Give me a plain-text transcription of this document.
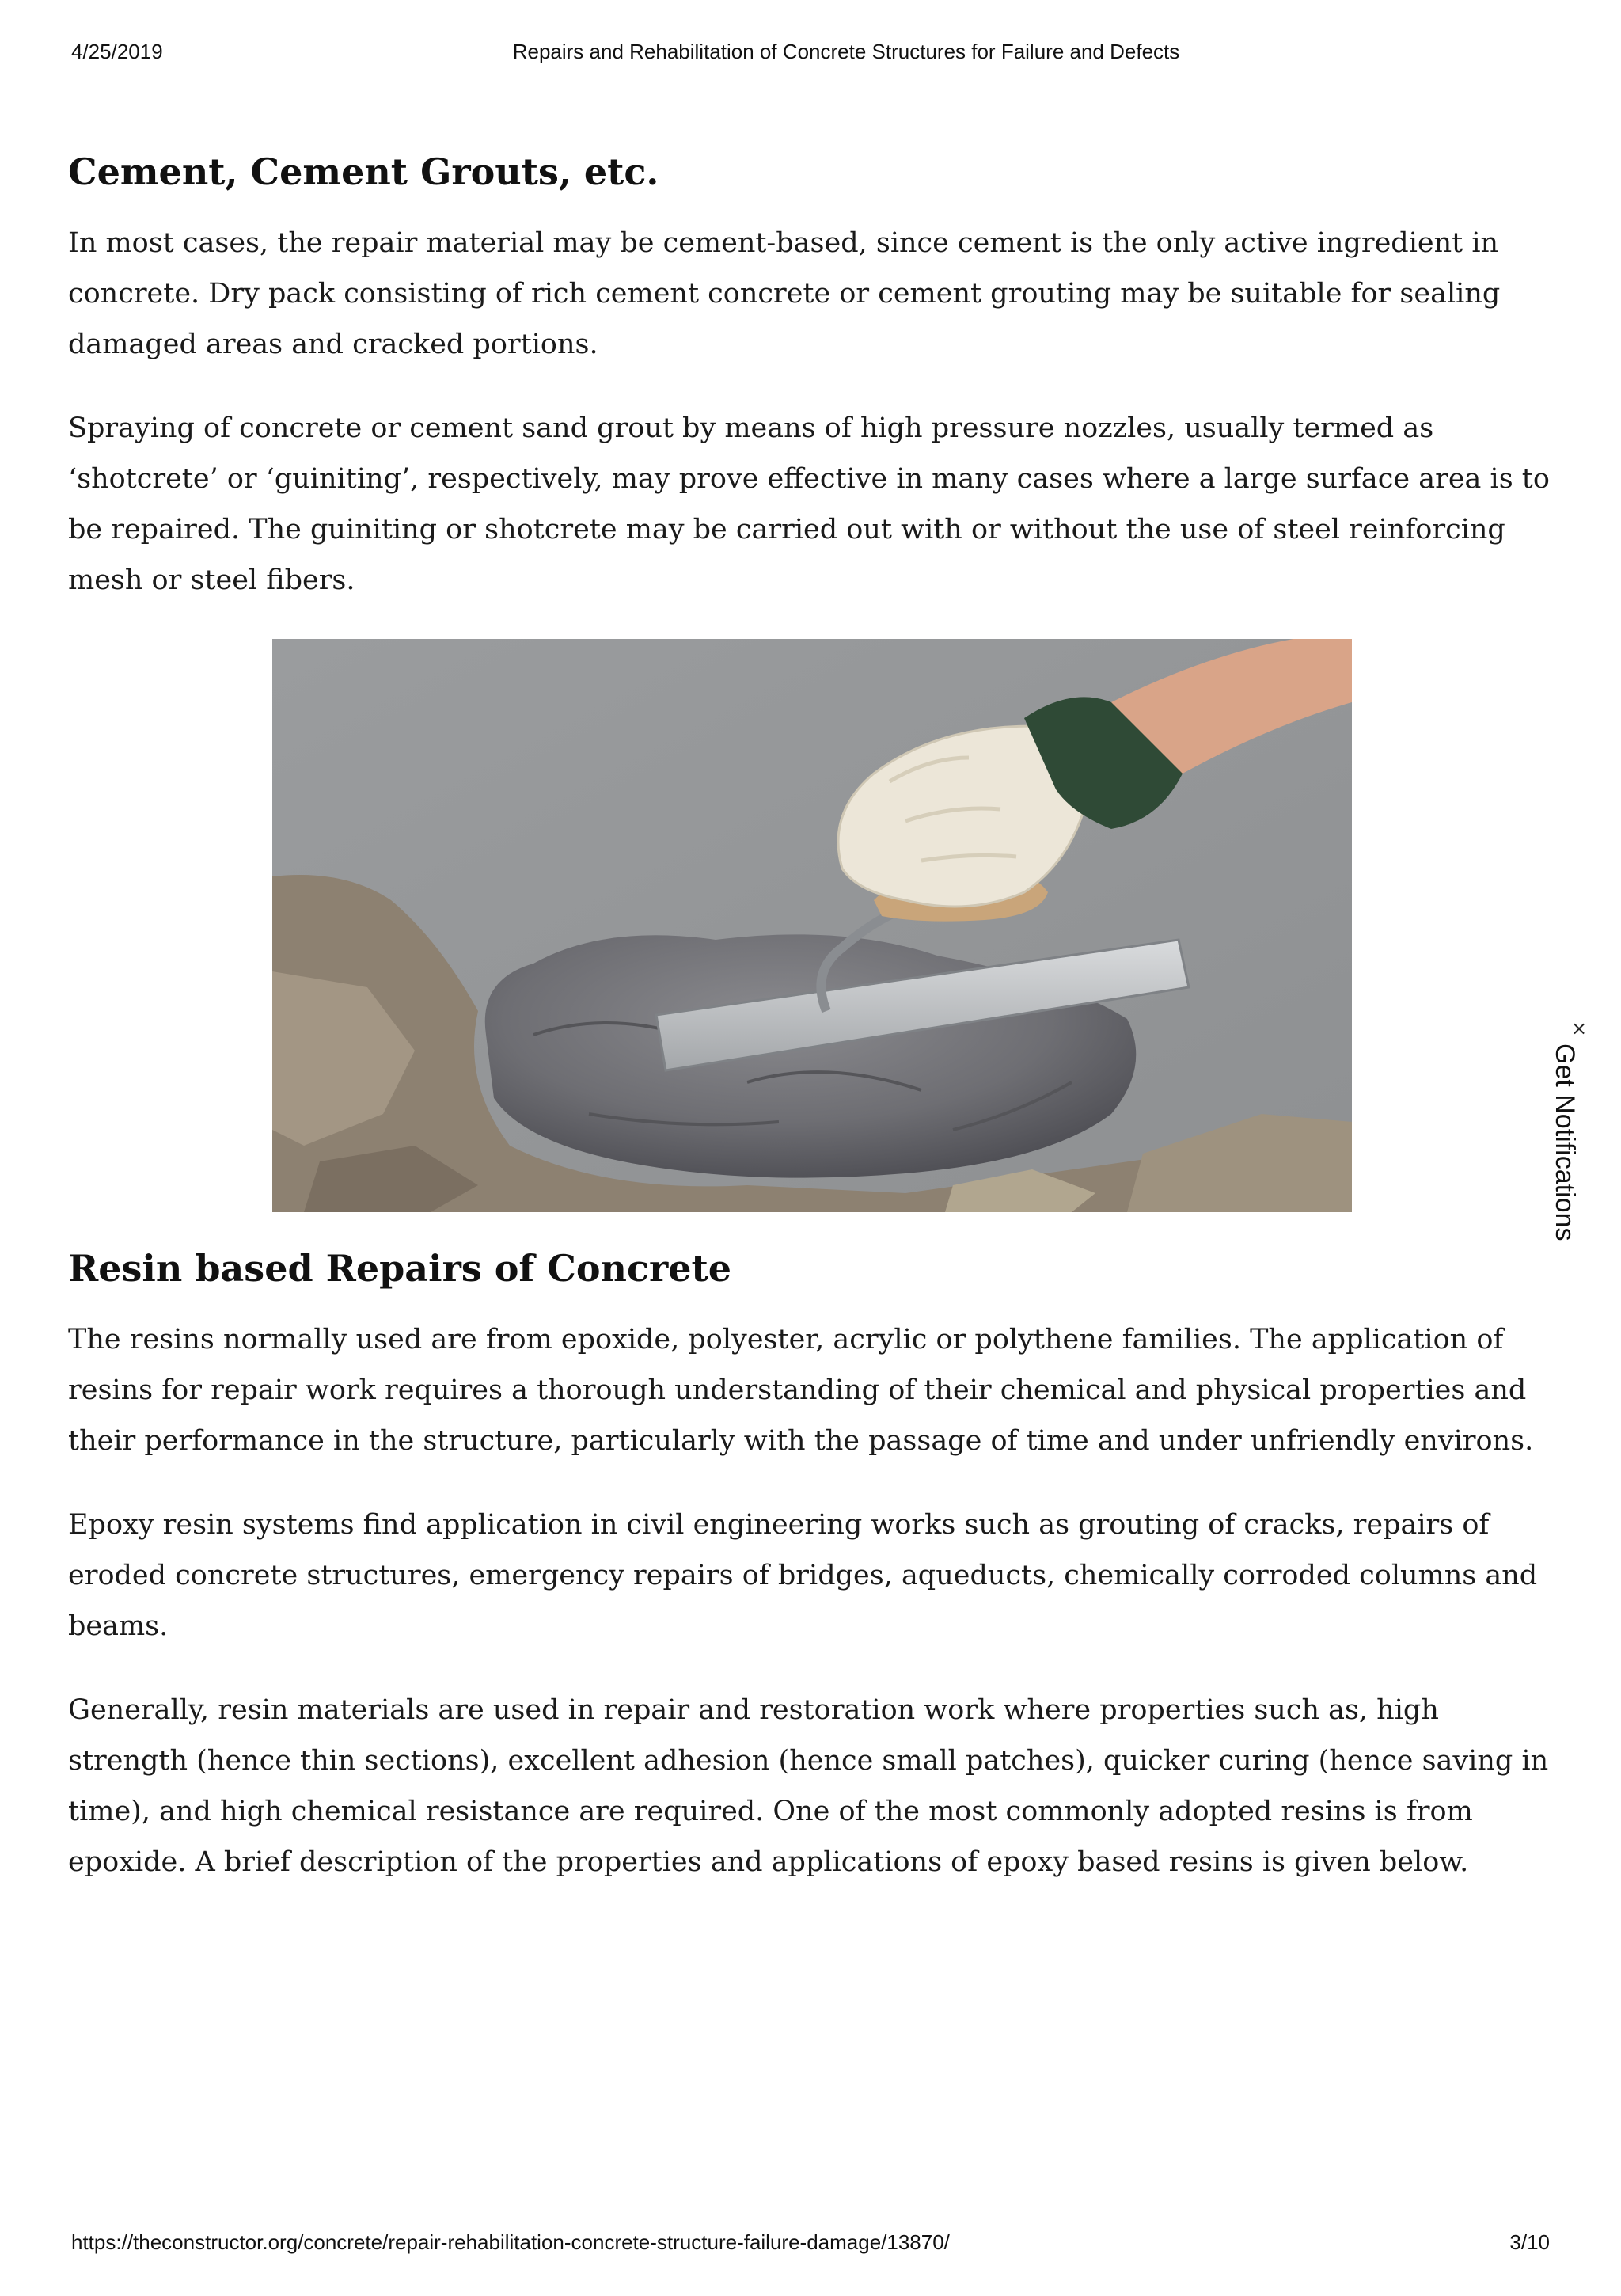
4/25/2019	Repairs and Rehabilitation of Concrete Structures for Failure and Defects
Cement, Cement Grouts, etc.

In most cases, the repair material may be cement-based, since cement is the only active ingredient in concrete. Dry pack consisting of rich cement concrete or cement grouting may be suitable for sealing damaged areas and cracked portions.

Spraying of concrete or cement sand grout by means of high pressure nozzles, usually termed as ‘shotcrete’ or ‘guiniting’, respectively, may prove effective in many cases where a large surface area is to be repaired. The guiniting or shotcrete may be carried out with or without the use of steel reinforcing mesh or steel fibers.

Resin based Repairs of Concrete

The resins normally used are from epoxide, polyester, acrylic or polythene families. The application of resins for repair work requires a thorough understanding of their chemical and physical properties and their performance in the structure, particularly with the passage of time and under unfriendly environs.

Epoxy resin systems find application in civil engineering works such as grouting of cracks, repairs of eroded concrete structures, emergency repairs of bridges, aqueducts, chemically corroded columns and beams.

Generally, resin materials are used in repair and restoration work where properties such as, high strength (hence thin sections), excellent adhesion (hence small patches), quicker curing (hence saving in time), and high chemical resistance are required. One of the most commonly adopted resins is from epoxide. A brief description of the properties and applications of epoxy based resins is given below.

×
Get Notifications
https://theconstructor.org/concrete/repair-rehabilitation-concrete-structure-failure-damage/13870/	3/10
